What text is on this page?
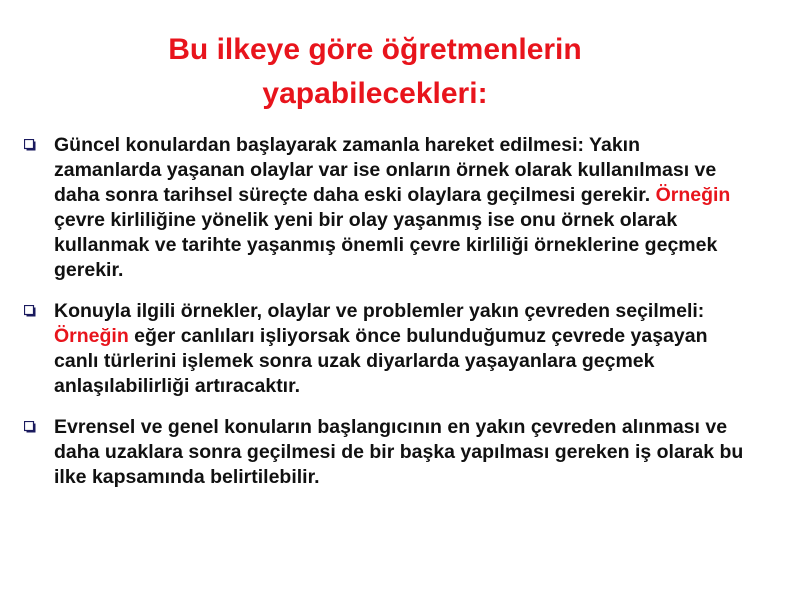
Bu ilkeye göre öğretmenlerin
yapabilecekleri:
Güncel konulardan başlayarak zamanla hareket edilmesi: Yakın zamanlarda yaşanan olaylar var ise onların örnek olarak kullanılması ve daha sonra tarihsel süreçte daha eski olaylara geçilmesi gerekir. Örneğin çevre kirliliğine yönelik yeni bir olay yaşanmış ise onu örnek olarak kullanmak ve tarihte yaşanmış önemli çevre kirliliği örneklerine geçmek gerekir.
Konuyla ilgili örnekler, olaylar ve problemler yakın çevreden seçilmeli: Örneğin eğer canlıları işliyorsak önce bulunduğumuz çevrede yaşayan canlı türlerini işlemek sonra uzak diyarlarda yaşayanlara geçmek anlaşılabilirliği artıracaktır.
Evrensel ve genel konuların başlangıcının en yakın çevreden alınması ve daha uzaklara sonra geçilmesi de bir başka yapılması gereken iş olarak bu ilke kapsamında belirtilebilir.
